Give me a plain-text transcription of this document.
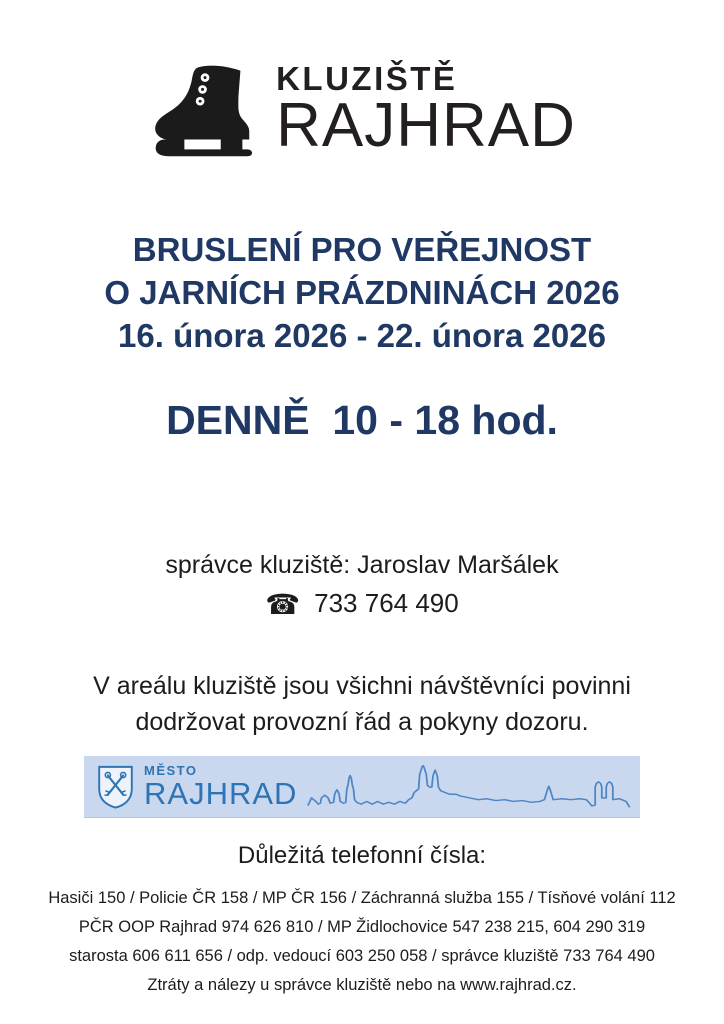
KLUZIŠTĚ
RAJHRAD
BRUSLENÍ PRO VEŘEJNOST
O JARNÍCH PRÁZDNINÁCH 2026
16. února 2026 - 22. února 2026
DENNĚ  10 - 18 hod.
správce kluziště: Jaroslav Maršálek
☎ 733 764 490
V areálu kluziště jsou všichni návštěvníci povinni
dodržovat provozní řád a pokyny dozoru.
MĚSTO
RAJHRAD
Důležitá telefonní čísla:
Hasiči 150 / Policie ČR 158 / MP ČR 156 / Záchranná služba 155 / Tísňové volání 112
PČR OOP Rajhrad 974 626 810 / MP Židlochovice 547 238 215, 604 290 319
starosta 606 611 656 / odp. vedoucí 603 250 058 / správce kluziště 733 764 490
Ztráty a nálezy u správce kluziště nebo na www.rajhrad.cz.
